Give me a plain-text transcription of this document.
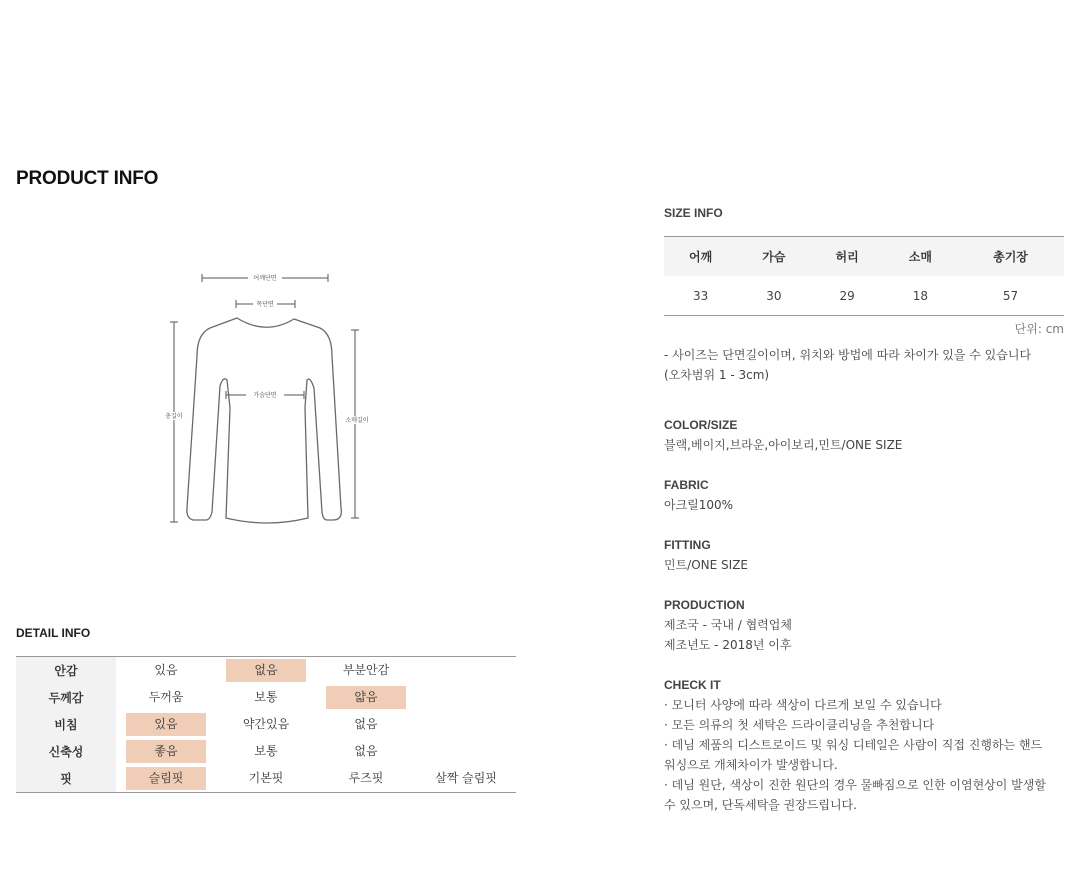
PRODUCT INFO
어깨단면
목단면
가슴단면
총길이
소매길이
DETAIL INFO
안감	있음	없음	부분안감	
두께감	두꺼움	보통	얇음	
비침	있음	약간있음	없음	
신축성	좋음	보통	없음	
핏	슬림핏	기본핏	루즈핏	살짝 슬림핏
SIZE INFO
어깨	가슴	허리	소매	총기장
33	30	29	18	57
단위: cm
- 사이즈는 단면길이이며, 위치와 방법에 따라 차이가 있을 수 있습니다
(오차범위 1 - 3cm)
COLOR/SIZE
블랙,베이지,브라운,아이보리,민트/ONE SIZE
FABRIC
아크릴100%
FITTING
민트/ONE SIZE
PRODUCTION
제조국 - 국내 / 협력업체
제조년도 - 2018년 이후
CHECK IT
· 모니터 사양에 따라 색상이 다르게 보일 수 있습니다
· 모든 의류의 첫 세탁은 드라이클리닝을 추천합니다
· 데님 제품의 디스트로이드 및 워싱 디테일은 사람이 직접 진행하는 핸드
워싱으로 개체차이가 발생합니다.
· 데님 원단, 색상이 진한 원단의 경우 물빠짐으로 인한 이염현상이 발생할
수 있으며, 단독세탁을 권장드립니다.
